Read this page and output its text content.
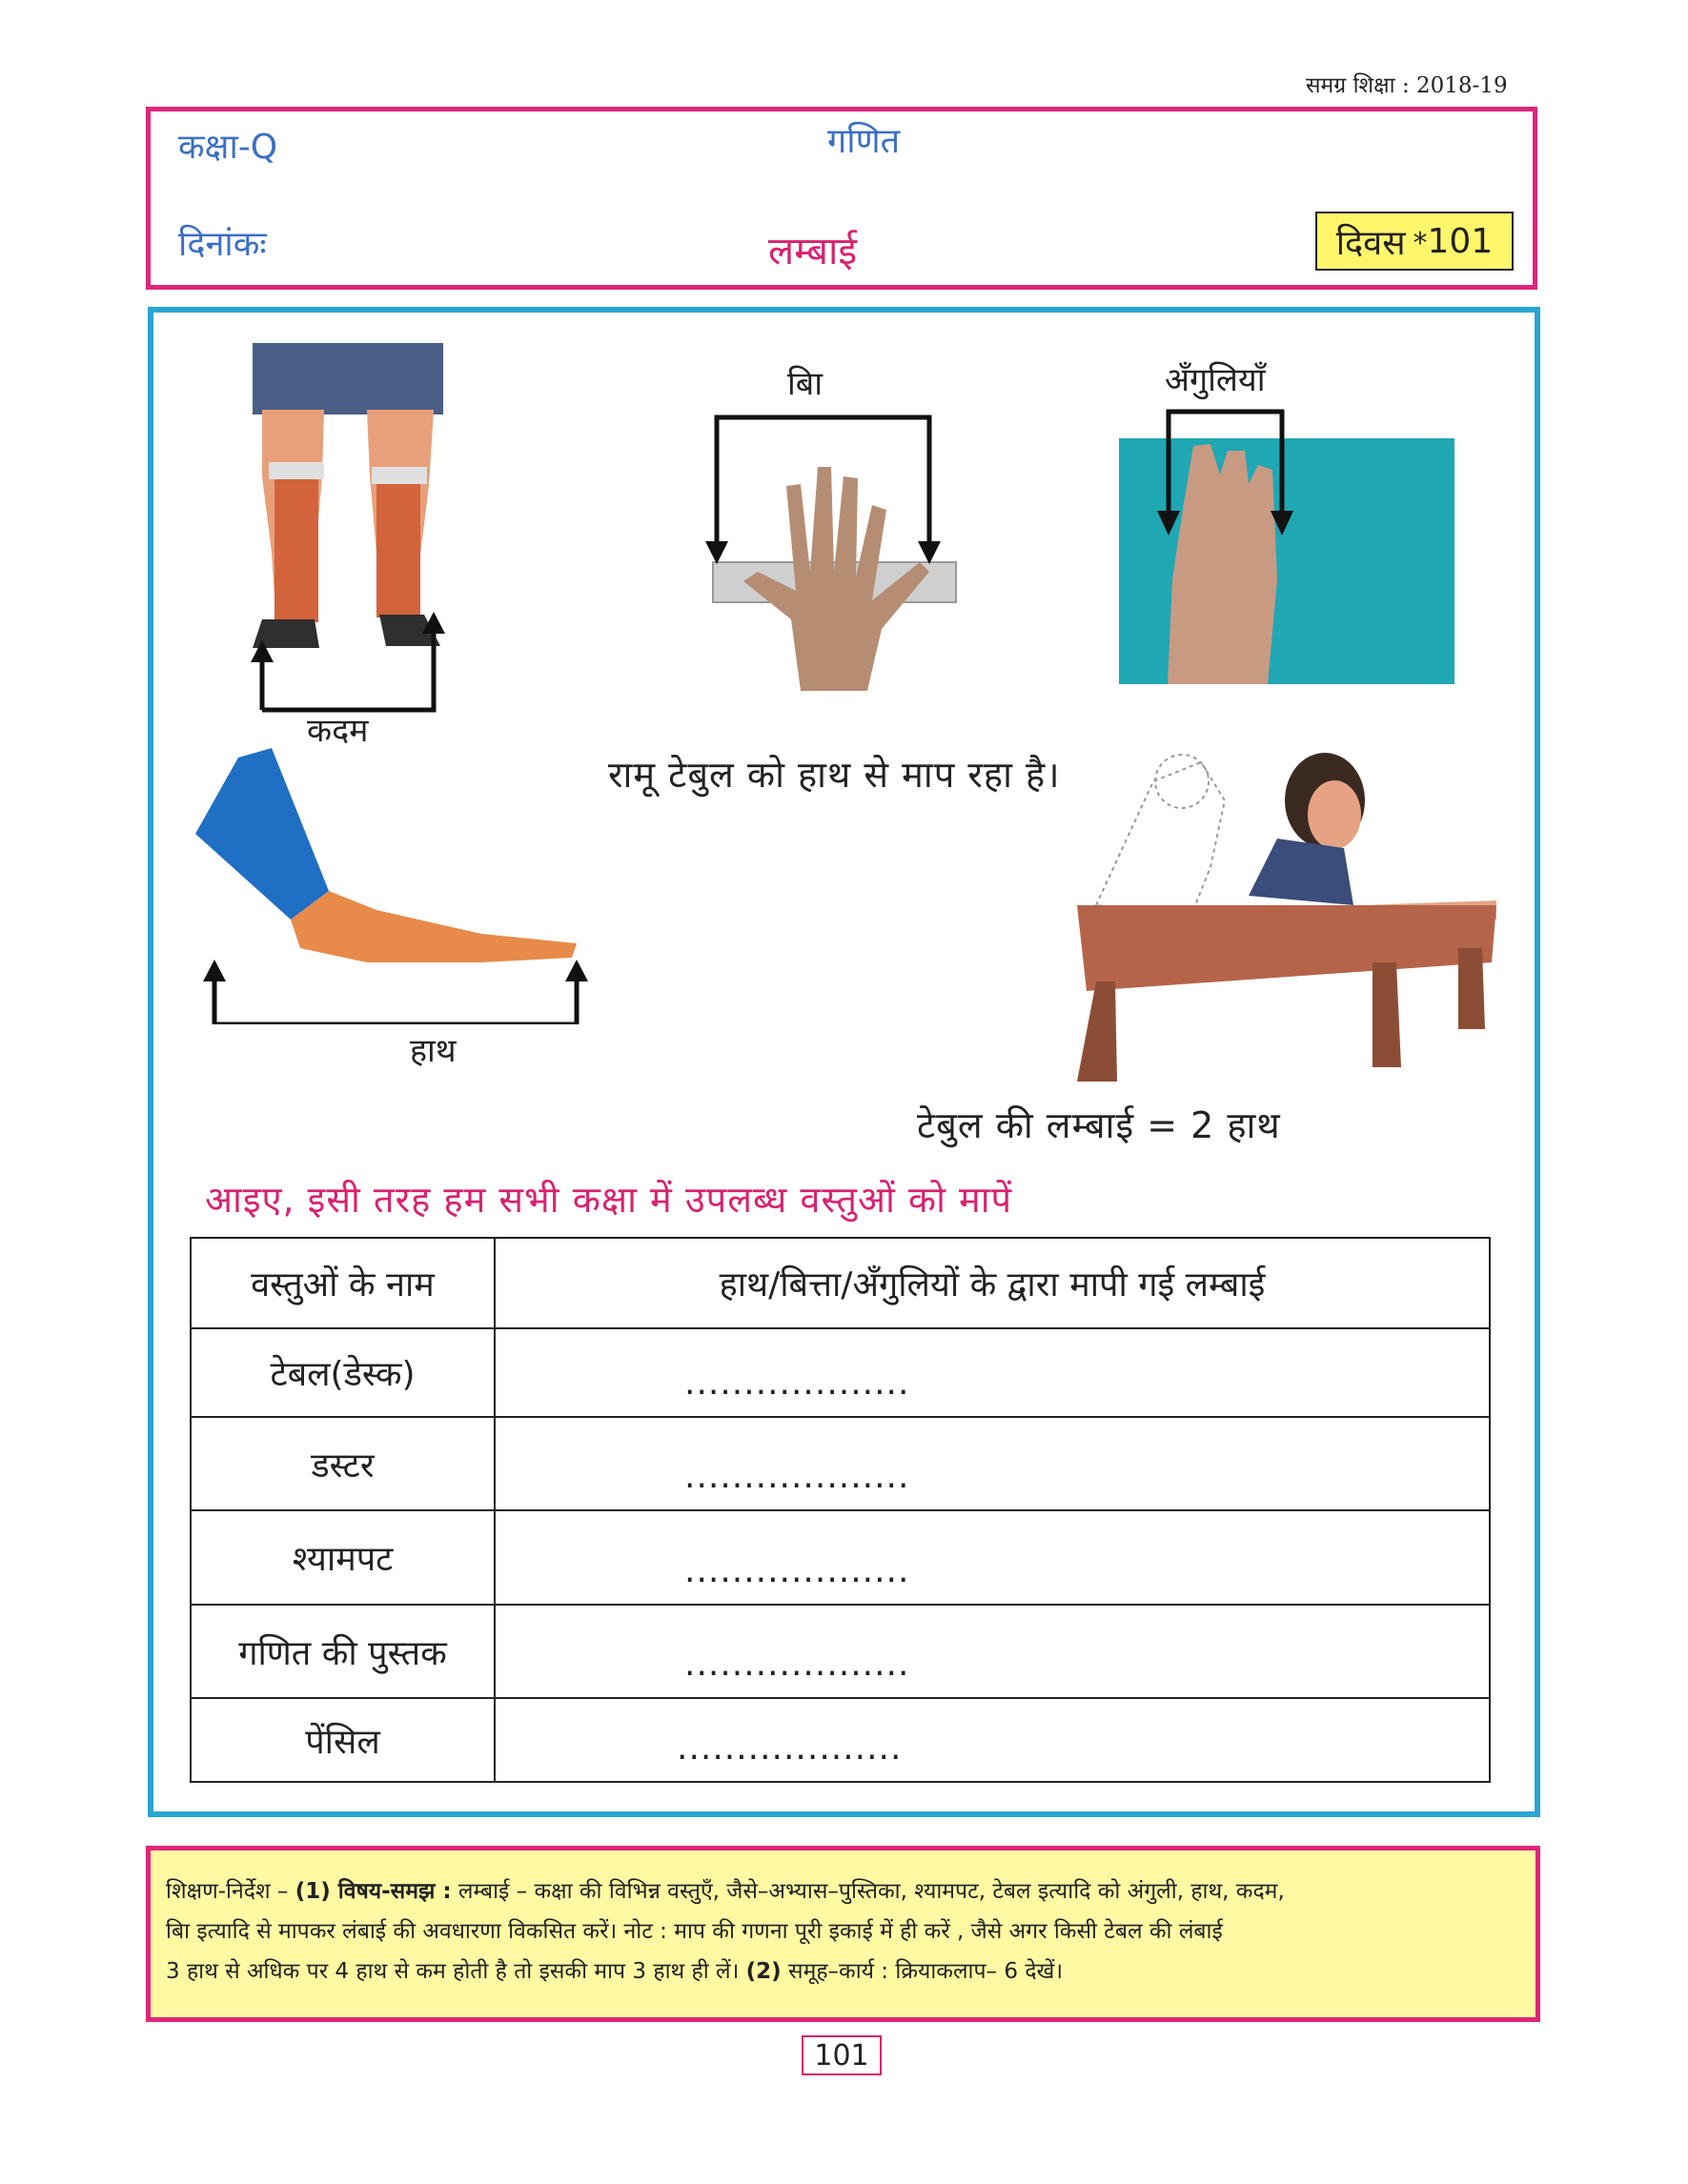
समग्र शिक्षा : 2018-19
कक्षा-Q	गणित
दिनांकः	लम्बाई	दिवस *101
कदम
बिा	अँगुलियाँ
हाथ
रामू टेबुल को हाथ से माप रहा है।
टेबुल की लम्बाई = 2 हाथ
आइए, इसी तरह हम सभी कक्षा में उपलब्ध वस्तुओं को मापें
वस्तुओं के नाम	हाथ/बित्ता/अँगुलियों के द्वारा मापी गई लम्बाई
टेबल(डेस्क)	...................
डस्टर	...................
श्यामपट	...................
गणित की पुस्तक	...................
पेंसिल	...................
शिक्षण-निर्देश – (1) विषय-समझ : लम्बाई – कक्षा की विभिन्न वस्तुएँ, जैसे–अभ्यास–पुस्तिका, श्यामपट, टेबल इत्यादि को अंगुली, हाथ, कदम,
बिा इत्यादि से मापकर लंबाई की अवधारणा विकसित करें। नोट : माप की गणना पूरी इकाई में ही करें , जैसे अगर किसी टेबल की लंबाई
3 हाथ से अधिक पर 4 हाथ से कम होती है तो इसकी माप 3 हाथ ही लें। (2) समूह–कार्य : क्रियाकलाप– 6 देखें।
101
